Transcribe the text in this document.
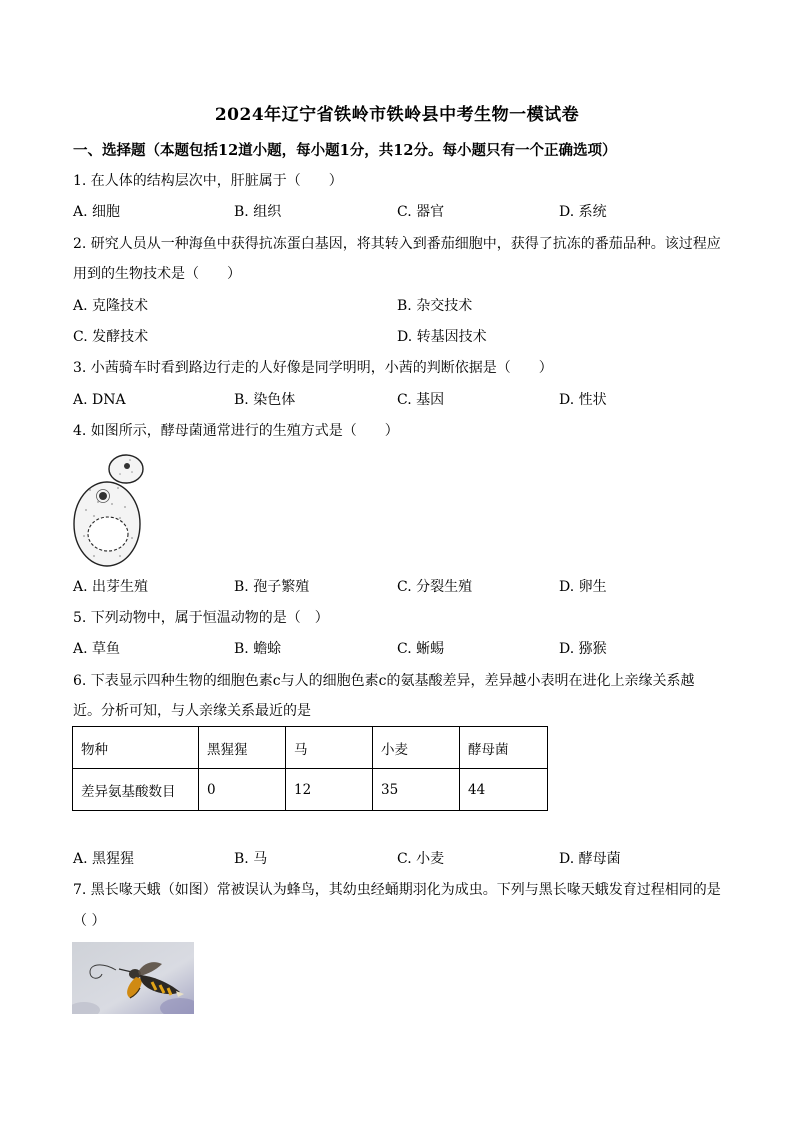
2024年辽宁省铁岭市铁岭县中考生物一模试卷
一、选择题（本题包括12道小题，每小题1分，共12分。每小题只有一个正确选项）
1. 在人体的结构层次中，肝脏属于（　　）
A. 细胞	B. 组织	C. 器官	D. 系统
2. 研究人员从一种海鱼中获得抗冻蛋白基因，将其转入到番茄细胞中，获得了抗冻的番茄品种。该过程应
用到的生物技术是（　　）
A. 克隆技术	B. 杂交技术
C. 发酵技术	D. 转基因技术
3. 小茜骑车时看到路边行走的人好像是同学明明，小茜的判断依据是（　　）
A. DNA	B. 染色体	C. 基因	D. 性状
4. 如图所示，酵母菌通常进行的生殖方式是（　　）
A. 出芽生殖	B. 孢子繁殖	C. 分裂生殖	D. 卵生
5. 下列动物中，属于恒温动物的是（　）
A. 草鱼	B. 蟾蜍	C. 蜥蜴	D. 猕猴
6. 下表显示四种生物的细胞色素c与人的细胞色素c的氨基酸差异，差异越小表明在进化上亲缘关系越
近。分析可知，与人亲缘关系最近的是
物种	黑猩猩	马	小麦	酵母菌
差异氨基酸数目	0	12	35	44
A. 黑猩猩	B. 马	C. 小麦	D. 酵母菌
7. 黑长喙天蛾（如图）常被误认为蜂鸟，其幼虫经蛹期羽化为成虫。下列与黑长喙天蛾发育过程相同的是
（ ）
